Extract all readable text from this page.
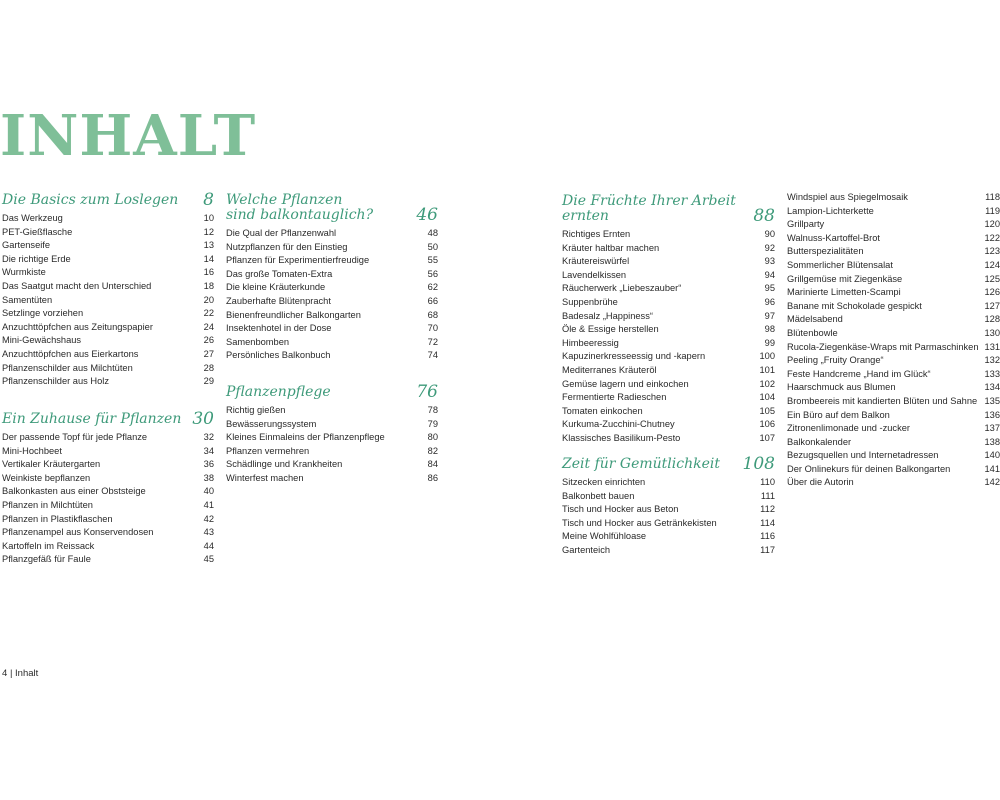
INHALT
Die Basics zum Loslegen 8
Das Werkzeug	10
PET-Gießflasche	12
Gartenseife	13
Die richtige Erde	14
Wurmkiste	16
Das Saatgut macht den Unterschied	18
Samentüten	20
Setzlinge vorziehen	22
Anzuchttöpfchen aus Zeitungspapier	24
Mini-Gewächshaus	26
Anzuchttöpfchen aus Eierkartons	27
Pflanzenschilder aus Milchtüten	28
Pflanzenschilder aus Holz	29
Ein Zuhause für Pflanzen 30
Der passende Topf für jede Pflanze	32
Mini-Hochbeet	34
Vertikaler Kräutergarten	36
Weinkiste bepflanzen	38
Balkonkasten aus einer Obststeige	40
Pflanzen in Milchtüten	41
Pflanzen in Plastikflaschen	42
Pflanzenampel aus Konservendosen	43
Kartoffeln im Reissack	44
Pflanzgefäß für Faule	45
Welche Pflanzen
sind balkontauglich?	46
Die Qual der Pflanzenwahl	48
Nutzpflanzen für den Einstieg	50
Pflanzen für Experimentierfreudige	55
Das große Tomaten-Extra	56
Die kleine Kräuterkunde	62
Zauberhafte Blütenpracht	66
Bienenfreundlicher Balkongarten	68
Insektenhotel in der Dose	70
Samenbomben	72
Persönliches Balkonbuch	74
Pflanzenpflege	76
Richtig gießen	78
Bewässerungssystem	79
Kleines Einmaleins der Pflanzenpflege	80
Pflanzen vermehren	82
Schädlinge und Krankheiten	84
Winterfest machen	86
Die Früchte Ihrer Arbeit ernten	88
Richtiges Ernten	90
Kräuter haltbar machen	92
Kräutereiswürfel	93
Lavendelkissen	94
Räucherwerk „Liebeszauber“	95
Suppenbrühe	96
Badesalz „Happiness“	97
Öle & Essige herstellen	98
Himbeeressig	99
Kapuzinerkresseessig und -kapern	100
Mediterranes Kräuteröl	101
Gemüse lagern und einkochen	102
Fermentierte Radieschen	104
Tomaten einkochen	105
Kurkuma-Zucchini-Chutney	106
Klassisches Basilikum-Pesto	107
Zeit für Gemütlichkeit 108
Sitzecken einrichten	110
Balkonbett bauen	111
Tisch und Hocker aus Beton	112
Tisch und Hocker aus Getränkekisten	114
Meine Wohlfühloase	116
Gartenteich	117
Windspiel aus Spiegelmosaik	118
Lampion-Lichterkette	119
Grillparty	120
Walnuss-Kartoffel-Brot	122
Butterspezialitäten	123
Sommerlicher Blütensalat	124
Grillgemüse mit Ziegenkäse	125
Marinierte Limetten-Scampi	126
Banane mit Schokolade gespickt	127
Mädelsabend	128
Blütenbowle	130
Rucola-Ziegenkäse-Wraps mit Parmaschinken 131
Peeling „Fruity Orange“	132
Feste Handcreme „Hand im Glück“	133
Haarschmuck aus Blumen	134
Brombeereis mit kandierten Blüten und Sahne 135
Ein Büro auf dem Balkon	136
Zitronenlimonade und -zucker	137
Balkonkalender	138
Bezugsquellen und Internetadressen	140
Der Onlinekurs für deinen Balkongarten	141
Über die Autorin	142
4 | Inhalt
